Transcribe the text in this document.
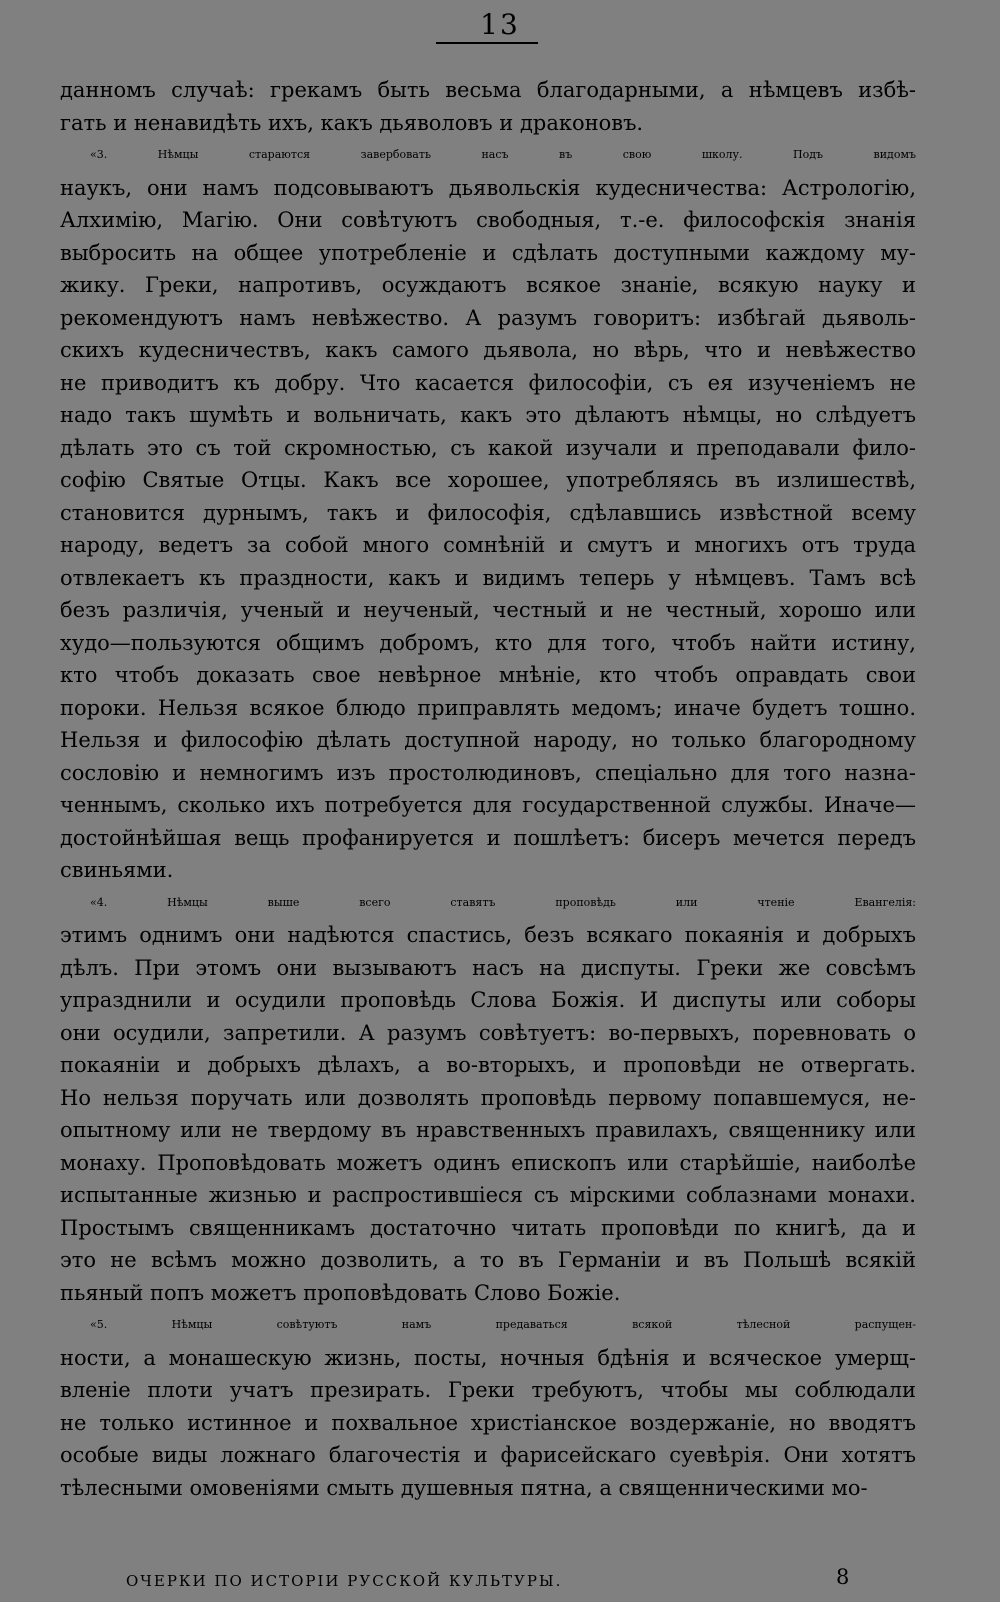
13
данномъ случаѣ: грекамъ быть весьма благодарными, а нѣмцевъ избѣ-
гать и ненавидѣть ихъ, какъ дьяволовъ и драконовъ.
«3. Нѣмцы стараются завербовать насъ въ свою школу. Подъ видомъ
наукъ, они намъ подсовываютъ дьявольскія кудесничества: Астрологію,
Алхимію, Магію. Они совѣтуютъ свободныя, т.-е. философскія знанія
выбросить на общее употребленіе и сдѣлать доступными каждому му-
жику. Греки, напротивъ, осуждаютъ всякое знаніе, всякую науку и
рекомендуютъ намъ невѣжество. А разумъ говоритъ: избѣгай дьяволь-
скихъ кудесничествъ, какъ самого дьявола, но вѣрь, что и невѣжество
не приводитъ къ добру. Что касается философіи, съ ея изученіемъ не
надо такъ шумѣть и вольничать, какъ это дѣлаютъ нѣмцы, но слѣдуетъ
дѣлать это съ той скромностью, съ какой изучали и преподавали фило-
софію Святые Отцы. Какъ все хорошее, употребляясь въ излишествѣ,
становится дурнымъ, такъ и философія, сдѣлавшись извѣстной всему
народу, ведетъ за собой много сомнѣній и смутъ и многихъ отъ труда
отвлекаетъ къ праздности, какъ и видимъ теперь у нѣмцевъ. Тамъ всѣ
безъ различія, ученый и неученый, честный и не честный, хорошо или
худо—пользуются общимъ добромъ, кто для того, чтобъ найти истину,
кто чтобъ доказать свое невѣрное мнѣніе, кто чтобъ оправдать свои
пороки. Нельзя всякое блюдо приправлять медомъ; иначе будетъ тошно.
Нельзя и философію дѣлать доступной народу, но только благородному
сословію и немногимъ изъ простолюдиновъ, спеціально для того назна-
ченнымъ, сколько ихъ потребуется для государственной службы. Иначе—
достойнѣйшая вещь профанируется и пошлѣетъ: бисеръ мечется передъ
свиньями.
«4. Нѣмцы выше всего ставятъ проповѣдь или чтеніе Евангелія:
этимъ однимъ они надѣются спастись, безъ всякаго покаянія и добрыхъ
дѣлъ. При этомъ они вызываютъ насъ на диспуты. Греки же совсѣмъ
упразднили и осудили проповѣдь Слова Божія. И диспуты или соборы
они осудили, запретили. А разумъ совѣтуетъ: во-первыхъ, поревновать о
покаяніи и добрыхъ дѣлахъ, а во-вторыхъ, и проповѣди не отвергать.
Но нельзя поручать или дозволять проповѣдь первому попавшемуся, не-
опытному или не твердому въ нравственныхъ правилахъ, священнику или
монаху. Проповѣдовать можетъ одинъ епископъ или старѣйшіе, наиболѣе
испытанные жизнью и распростившіеся съ мірскими соблазнами монахи.
Простымъ священникамъ достаточно читать проповѣди по книгѣ, да и
это не всѣмъ можно дозволить, а то въ Германіи и въ Польшѣ всякій
пьяный попъ можетъ проповѣдовать Слово Божіе.
«5. Нѣмцы совѣтуютъ намъ предаваться всякой тѣлесной распущен-
ности, а монашескую жизнь, посты, ночныя бдѣнія и всяческое умерщ-
вленіе плоти учатъ презирать. Греки требуютъ, чтобы мы соблюдали
не только истинное и похвальное христіанское воздержаніе, но вводятъ
особые виды ложнаго благочестія и фарисейскаго суевѣрія. Они хотятъ
тѣлесными омовеніями смыть душевныя пятна, а священническими мо-
ОЧЕРКИ ПО ИСТОРІИ РУССКОЙ КУЛЬТУРЫ.	8
